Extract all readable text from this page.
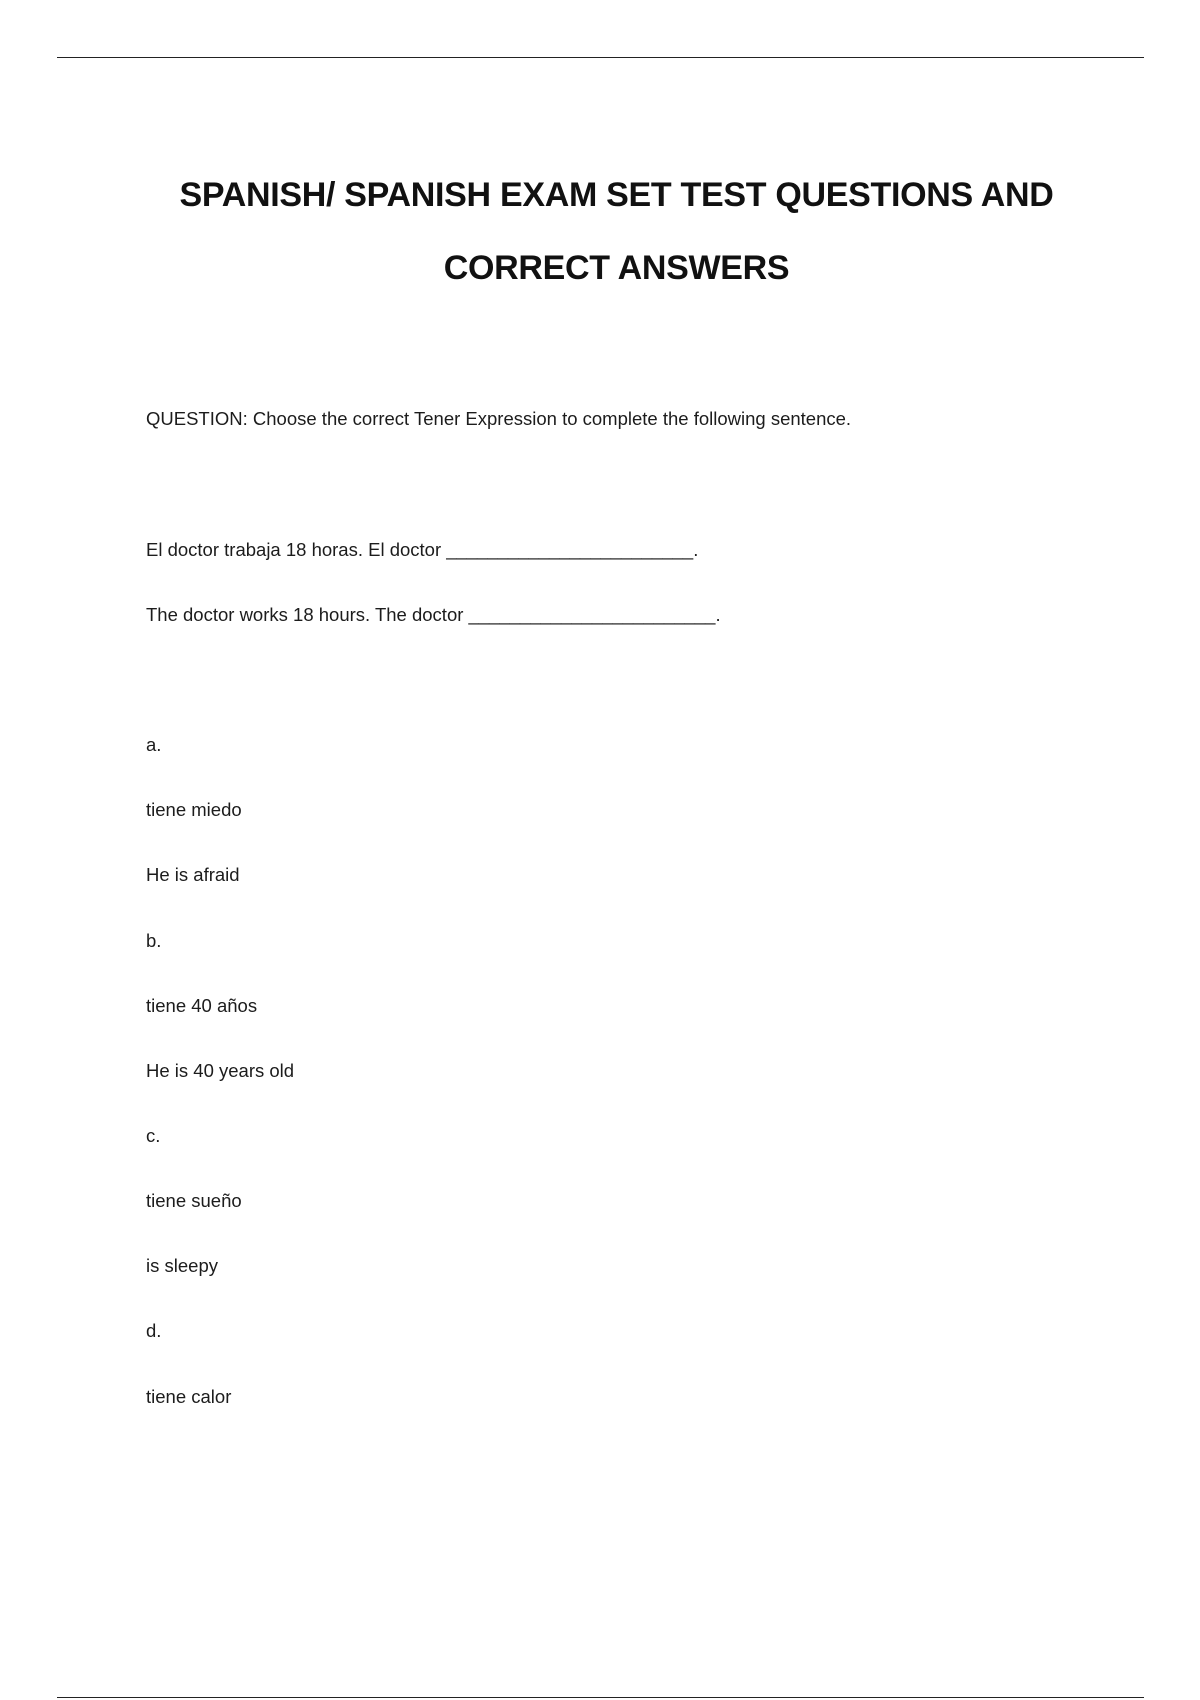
SPANISH/ SPANISH EXAM SET TEST QUESTIONS AND
CORRECT ANSWERS
QUESTION: Choose the correct Tener Expression to complete the following sentence.
El doctor trabaja 18 horas. El doctor ________________________.
The doctor works 18 hours. The doctor ________________________.
a.
tiene miedo
He is afraid
b.
tiene 40 años
He is 40 years old
c.
tiene sueño
is sleepy
d.
tiene calor
